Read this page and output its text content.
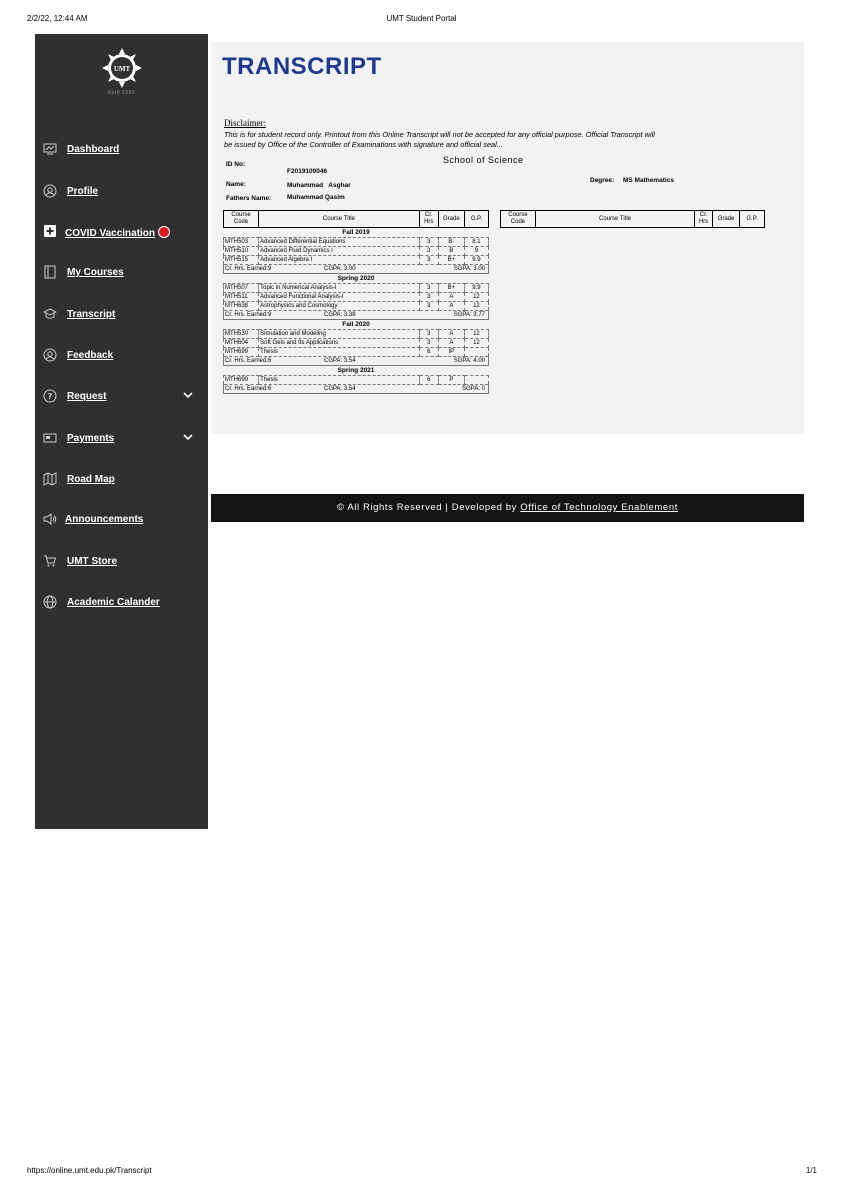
2/2/22, 12:44 AM	UMT Student Portal
UMT
Estd 1990
Dashboard
Profile
COVID Vaccination
My Courses
Transcript
Feedback
? Request
Payments
Road Map
Announcements
UMT Store
Academic Calander
TRANSCRIPT
Disclaimer:
This is for student record only. Printout from this Online Transcript will not be accepted for any official purpose. Official Transcript will be issued by Office of the Controller of Examinations with signature and official seal...
School of Science
ID No:
F2019109046
Name:	Muhammad   Asghar
Fathers Name: Muhammad Qasim
Degree: MS Mathematics
Course Code	Course Title	Cr. Hrs	Grade	G.P.
Fall 2019				
MTH503	Advanced Differential Equations	3	B-	8.1
MTH510	Advanced Fluid Dynamics I	3	B	9
MTH515	Advanced Algebra I	3	B+	9.9

Cr. Hrs. Earned:9 CGPA: 3.00 SGPA: 3.00				

Spring 2020				
MTH507	Topic in Numerical Analysis-I	3	B+	9.9
MTH511	Advanced Functional Analysis-I	3	A	12
MTH638	Astrophysics and Cosmology	3	A	12

Cr. Hrs. Earned:9 CGPA: 3.38 SGPA: 3.77				

Fall 2020				
MTH530	Simulation and Modeling	3	A	12
MTH604	Soft Gels and Its Applications	3	A	12
MTH699	Thesis	6	IP	

Cr. Hrs. Earned:6 CGPA: 3.54 SGPA: 4.00				

Spring 2021				
MTH699	Thesis	6	P	

Cr. Hrs. Earned:6 CGPA: 3.54 SGPA: 0				
Course Code	Course Title	Cr. Hrs	Grade	G.P.
© All Rights Reserved | Developed by Office of Technology Enablement
https://online.umt.edu.pk/Transcript	1/1
